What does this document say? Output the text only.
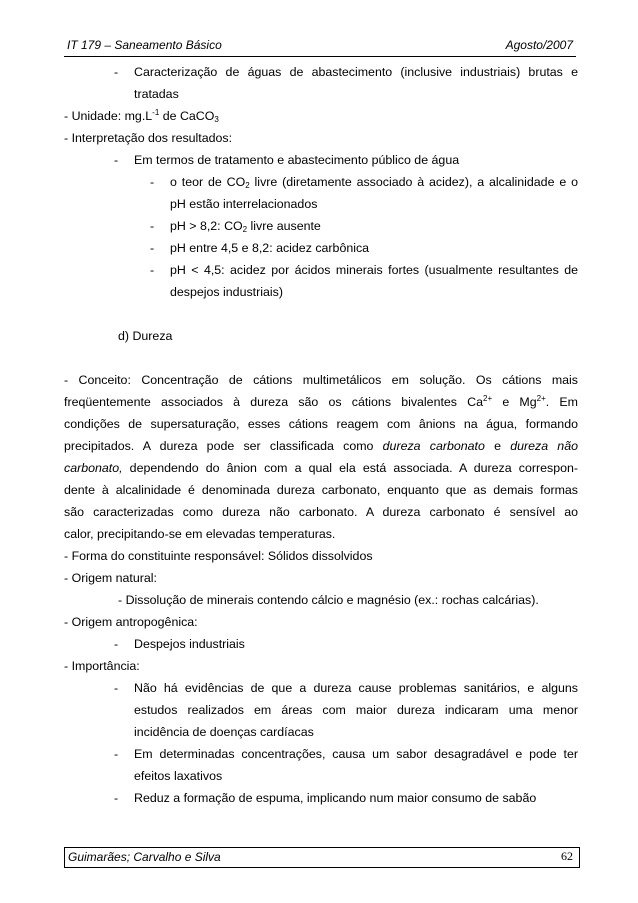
IT 179 – Saneamento Básico	Agosto/2007
- Caracterização de águas de abastecimento (inclusive industriais) brutas e
tratadas
- Unidade: $mg.L^{-1}$ de CaCO$_3$
- Interpretação dos resultados:
- Em termos de tratamento e abastecimento público de água
- o teor de $CO_2$ livre (diretamente associado à acidez), a alcalinidade e o
pH estão interrelacionados
- pH > 8,2: $CO_2$ livre ausente
- pH entre 4,5 e 8,2: acidez carbônica
- pH < 4,5: acidez por ácidos minerais fortes (usualmente resultantes de
despejos industriais)
d) Dureza
- Conceito: Concentração de cátions multimetálicos em solução. Os cátions mais
freqüentemente associados à dureza são os cátions bivalentes $Ca^{2+}$ e $Mg^{2+}$. Em
condições de supersaturação, esses cátions reagem com ânions na água, formando
precipitados. A dureza pode ser classificada como dureza carbonato e dureza não
carbonato, dependendo do ânion com a qual ela está associada. A dureza correspon-
dente à alcalinidade é denominada dureza carbonato, enquanto que as demais formas
são caracterizadas como dureza não carbonato. A dureza carbonato é sensível ao
calor, precipitando-se em elevadas temperaturas.
- Forma do constituinte responsável: Sólidos dissolvidos
- Origem natural:
- Dissolução de minerais contendo cálcio e magnésio (ex.: rochas calcárias).
- Origem antropogênica:
- Despejos industriais
- Importância:
- Não há evidências de que a dureza cause problemas sanitários, e alguns
estudos realizados em áreas com maior dureza indicaram uma menor
incidência de doenças cardíacas
- Em determinadas concentrações, causa um sabor desagradável e pode ter
efeitos laxativos
- Reduz a formação de espuma, implicando num maior consumo de sabão
Guimarães; Carvalho e Silva	62
